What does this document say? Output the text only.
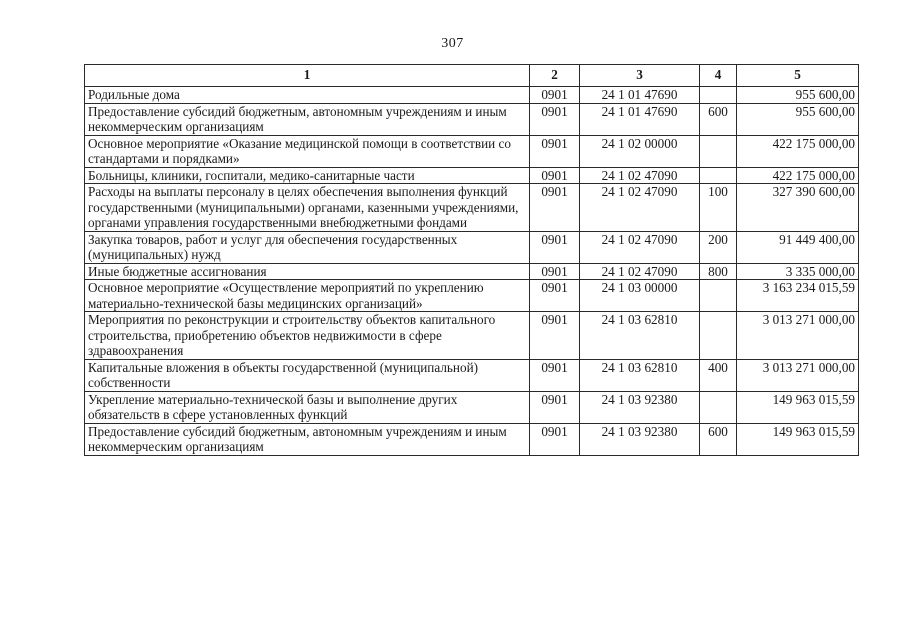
307
1	2	3	4	5
Родильные дома	0901	24 1 01 47690		955 600,00
Предоставление субсидий бюджетным, автономным учреждениям и иным некоммерческим организациям	0901	24 1 01 47690	600	955 600,00
Основное мероприятие «Оказание медицинской помощи в соответствии со стандартами и порядками»	0901	24 1 02 00000		422 175 000,00
Больницы, клиники, госпитали, медико-санитарные части	0901	24 1 02 47090		422 175 000,00
Расходы на выплаты персоналу в целях обеспечения выполнения функций государственными (муниципальными) органами, казенными учреждениями, органами управления государственными внебюджетными фондами	0901	24 1 02 47090	100	327 390 600,00
Закупка товаров, работ и услуг для обеспечения государственных (муниципальных) нужд	0901	24 1 02 47090	200	91 449 400,00
Иные бюджетные ассигнования	0901	24 1 02 47090	800	3 335 000,00
Основное мероприятие «Осуществление мероприятий по укреплению материально-технической базы медицинских организаций»	0901	24 1 03 00000		3 163 234 015,59
Мероприятия по реконструкции и строительству объектов капитального строительства, приобретению объектов недвижимости в сфере здравоохранения	0901	24 1 03 62810		3 013 271 000,00
Капитальные вложения в объекты государственной (муниципальной) собственности	0901	24 1 03 62810	400	3 013 271 000,00
Укрепление материально-технической базы и выполнение других обязательств в сфере установленных функций	0901	24 1 03 92380		149 963 015,59
Предоставление субсидий бюджетным, автономным учреждениям и иным некоммерческим организациям	0901	24 1 03 92380	600	149 963 015,59
